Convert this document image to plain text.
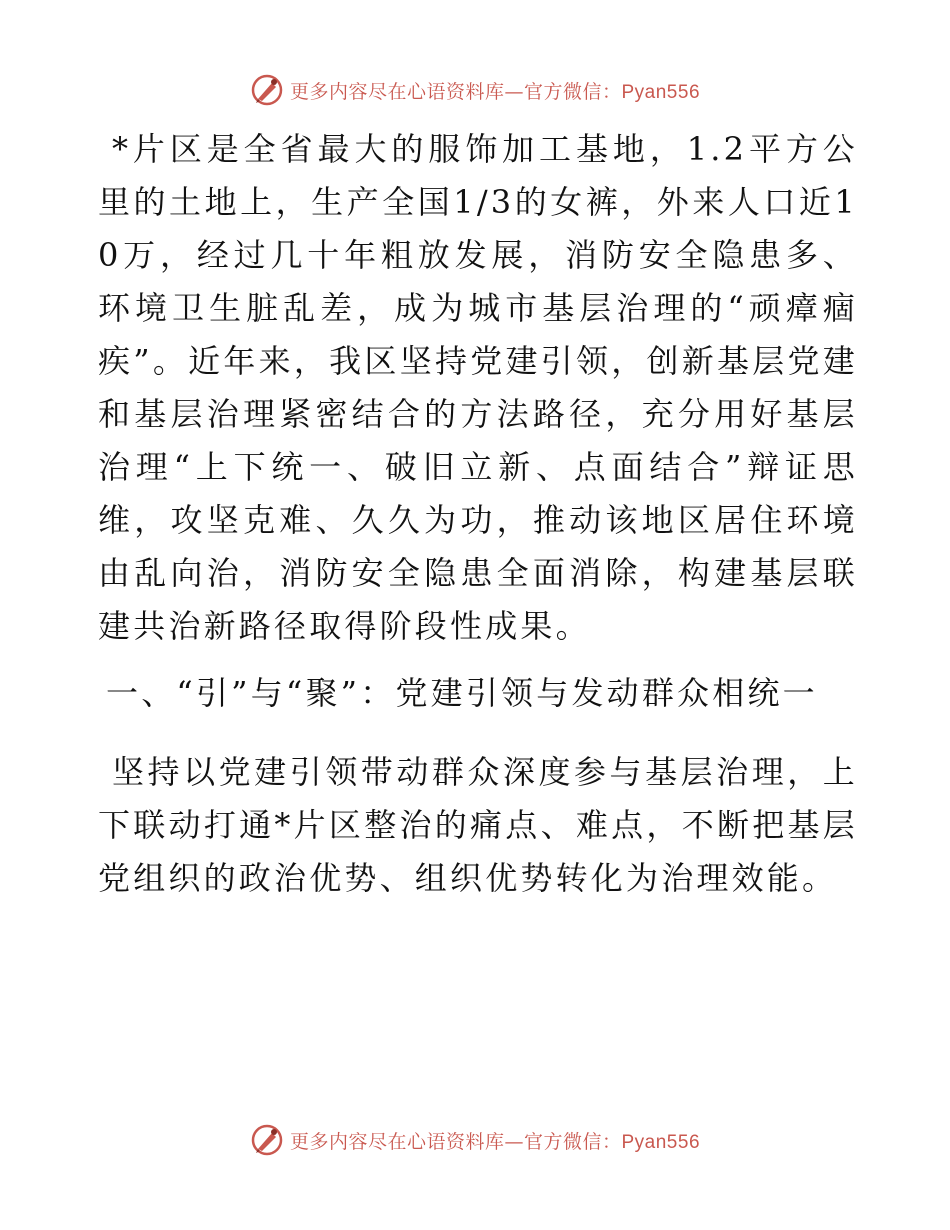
更多内容尽在心语资料库—官方微信：Pyan556

*片区是全省最大的服饰加工基地，1.2平方公里的土地上，生产全国1/3的女裤，外来人口近10万，经过几十年粗放发展，消防安全隐患多、环境卫生脏乱差，成为城市基层治理的“顽瘴痼疾”。近年来，我区坚持党建引领，创新基层党建和基层治理紧密结合的方法路径，充分用好基层治理“上下统一、破旧立新、点面结合”辩证思维，攻坚克难、久久为功，推动该地区居住环境由乱向治，消防安全隐患全面消除，构建基层联建共治新路径取得阶段性成果。

一、“引”与“聚”：党建引领与发动群众相统一

坚持以党建引领带动群众深度参与基层治理，上下联动打通*片区整治的痛点、难点，不断把基层党组织的政治优势、组织优势转化为治理效能。

更多内容尽在心语资料库—官方微信：Pyan556
